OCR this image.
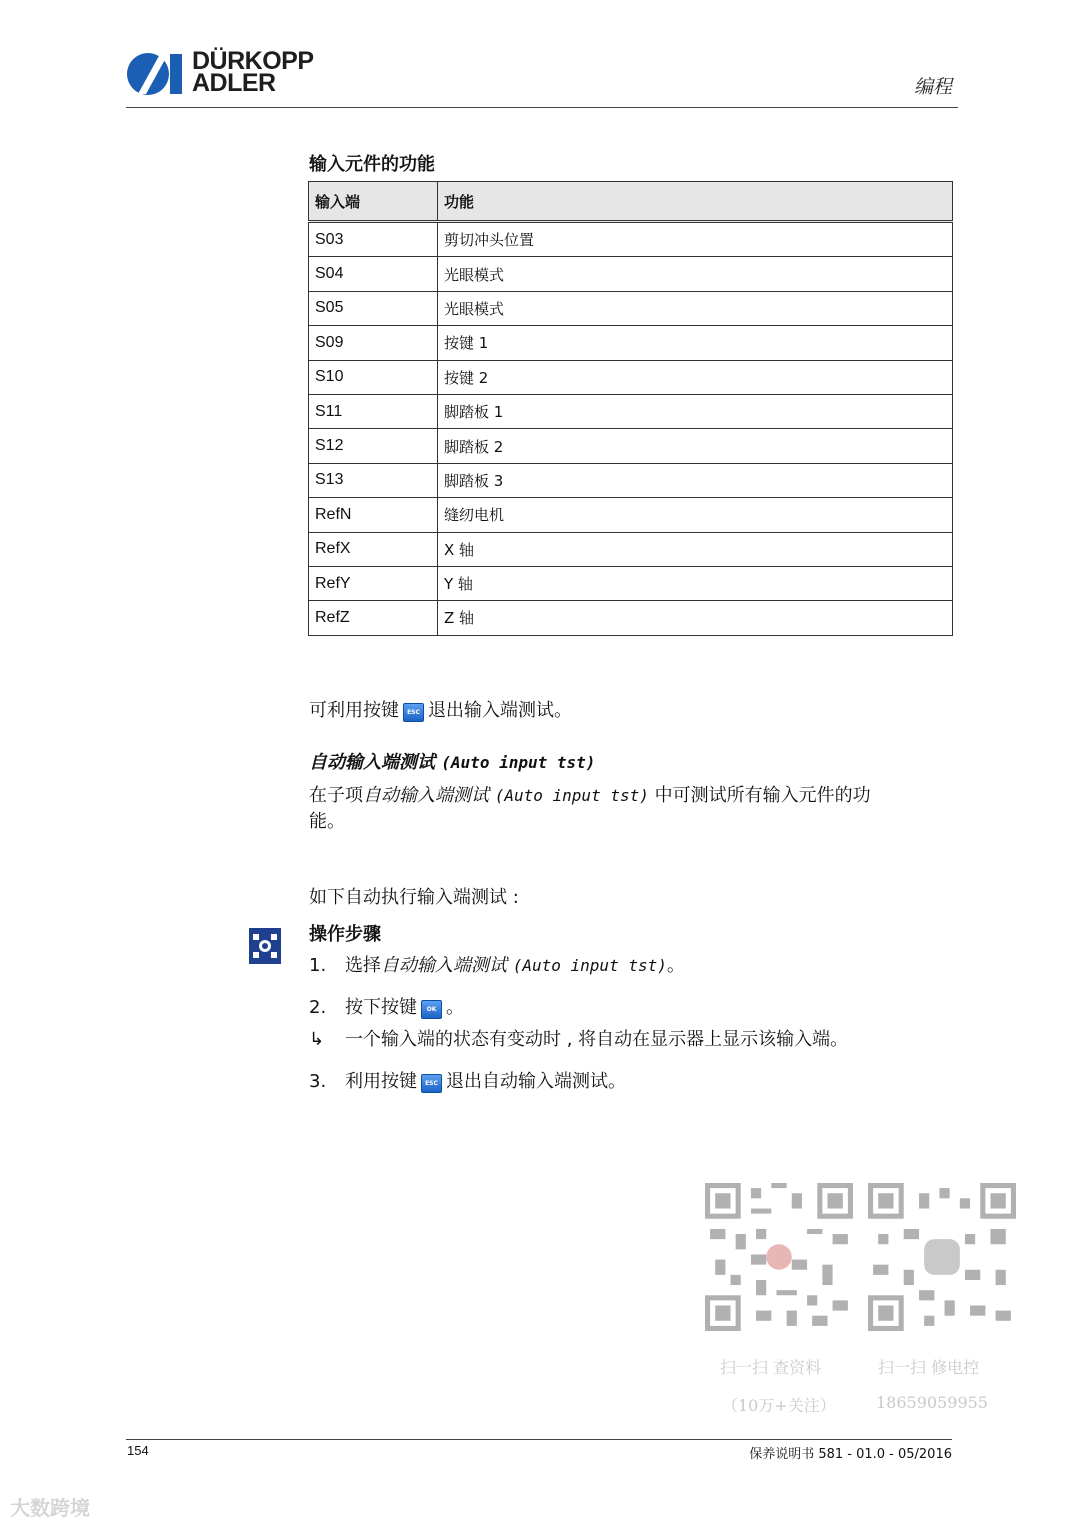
DÜRKOPP
ADLER	编程
输入元件的功能
输入端	功能
S03	剪切冲头位置
S04	光眼模式
S05	光眼模式
S09	按键 1
S10	按键 2
S11	脚踏板 1
S12	脚踏板 2
S13	脚踏板 3
RefN	缝纫电机
RefX	X 轴
RefY	Y 轴
RefZ	Z 轴
可利用按键 ESC 退出输入端测试。
自动输入端测试 (Auto input tst)
在子项自动输入端测试 (Auto input tst) 中可测试所有输入元件的功
能。
如下自动执行输入端测试 :
操作步骤
1. 选择自动输入端测试 (Auto input tst)。
2. 按下按键 OK 。
↳ 一个输入端的状态有变动时 , 将自动在显示器上显示该输入端。
3. 利用按键 ESC 退出自动输入端测试。
扫一扫 查资料
（10万+关注）
扫一扫 修电控
18659059955
154	保养说明书 581 - 01.0 - 05/2016
大数跨境
